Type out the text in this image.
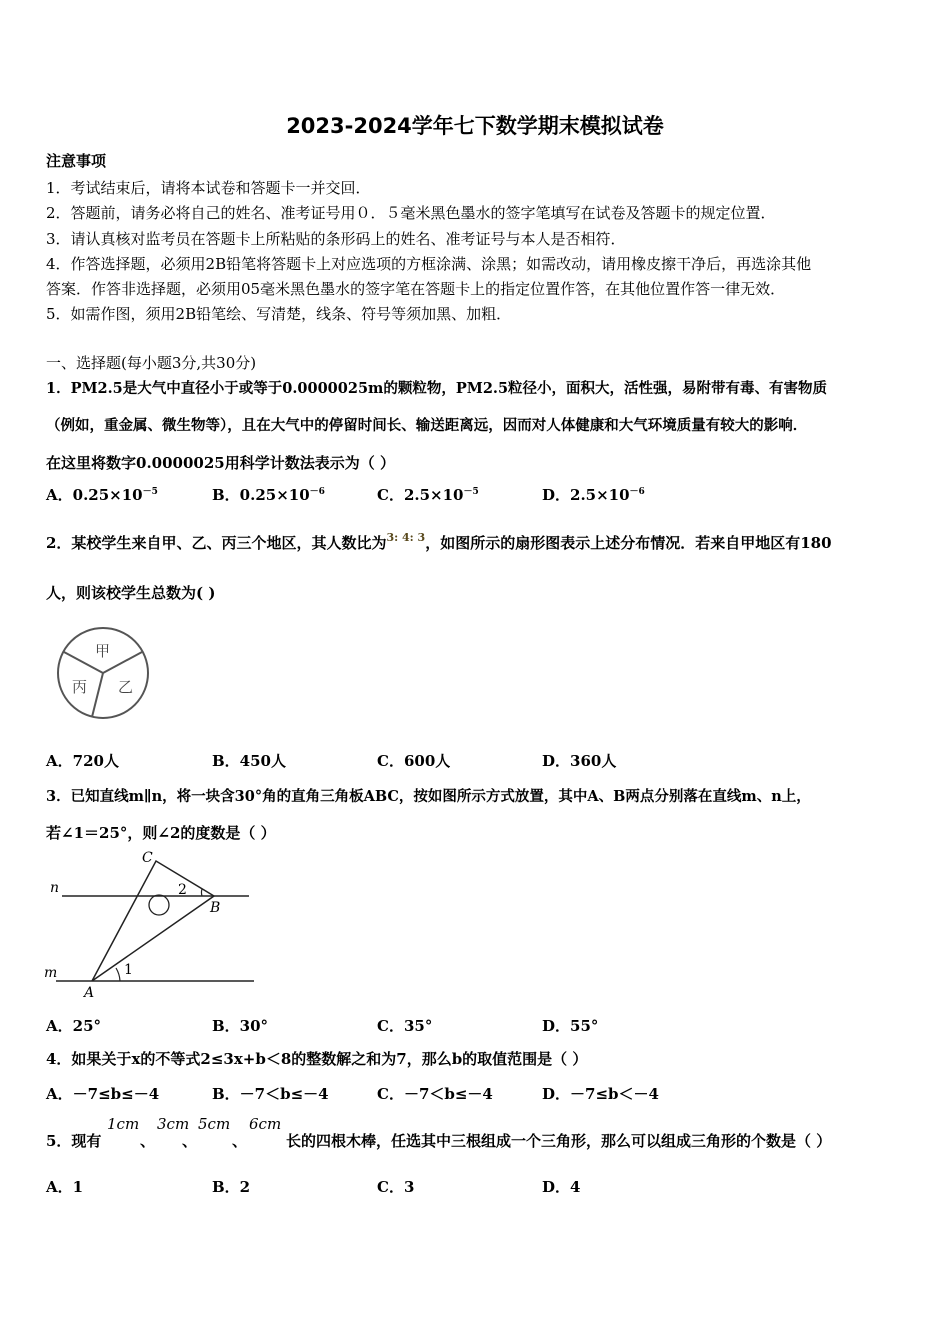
2023-2024学年七下数学期末模拟试卷
注意事项
1．考试结束后，请将本试卷和答题卡一并交回．
2．答题前，请务必将自己的姓名、准考证号用０．５毫米黑色墨水的签字笔填写在试卷及答题卡的规定位置．
3．请认真核对监考员在答题卡上所粘贴的条形码上的姓名、准考证号与本人是否相符．
4．作答选择题，必须用2B铅笔将答题卡上对应选项的方框涂满、涂黑；如需改动，请用橡皮擦干净后，再选涂其他
答案．作答非选择题，必须用05毫米黑色墨水的签字笔在答题卡上的指定位置作答，在其他位置作答一律无效．
5．如需作图，须用2B铅笔绘、写清楚，线条、符号等须加黑、加粗．
一、选择题(每小题3分,共30分)
1．PM2.5是大气中直径小于或等于0.0000025m的颗粒物，PM2.5粒径小，面积大，活性强，易附带有毒、有害物质
（例如，重金属、微生物等），且在大气中的停留时间长、输送距离远，因而对人体健康和大气环境质量有较大的影响．
在这里将数字0.0000025用科学计数法表示为（ ）
A．$0.25\times 10^{-5}$	B．$0.25\times 10^{-6}$	C．$2.5\times 10^{-5}$	D．$2.5\times 10^{-6}$
2．某校学生来自甲、乙、丙三个地区，其人数比为$^{3: 4: 3}$，如图所示的扇形图表示上述分布情况．若来自甲地区有180
人，则该校学生总数为( )
甲
乙
丙
A．720人	B．450人	C．600人	D．360人
3．已知直线m∥n，将一块含30°角的直角三角板ABC，按如图所示方式放置，其中A、B两点分别落在直线m、n上，
若∠1＝25°，则∠2的度数是（ ）
C
n
B
2
m	1
A
A．25°	B．30°	C．35°	D．55°
4．如果关于x的不等式2≤3x+b＜8的整数解之和为7，那么b的取值范围是（ ）
A．－7≤b≤－4	B．－7＜b≤－4	C．－7＜b≤－4	D．－7≤b＜－4
5．现有
1cm
、
3cm
、
5cm
、
6cm
长的四根木棒，任选其中三根组成一个三角形，那么可以组成三角形的个数是（ ）
A．1	B．2	C．3	D．4
